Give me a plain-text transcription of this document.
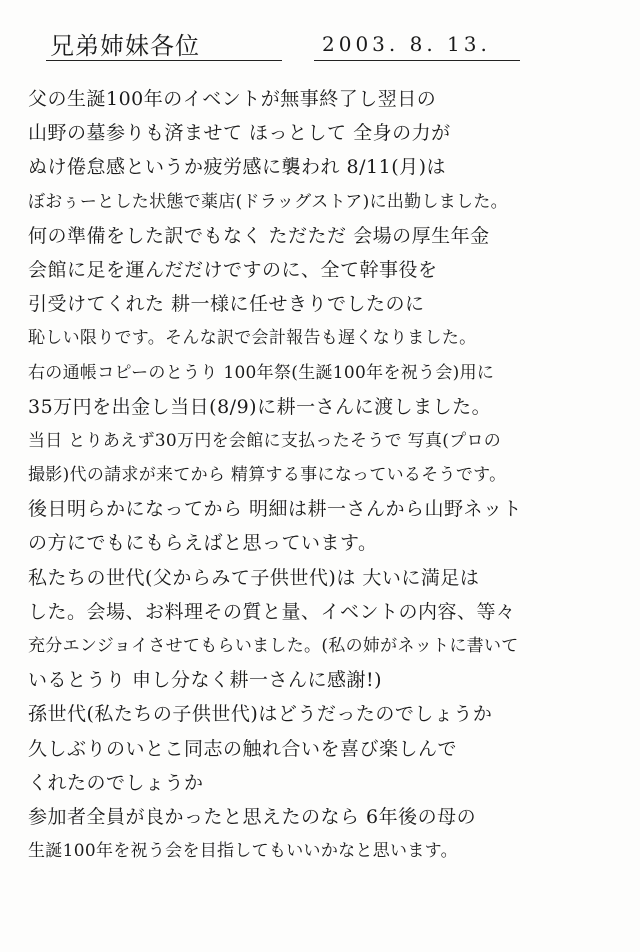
兄弟姉妹各位	2003. 8. 13.
父の生誕100年のイベントが無事終了し翌日の
山野の墓参りも済ませて ほっとして 全身の力が
ぬけ倦怠感というか疲労感に襲われ 8/11(月)は
ぼおぅーとした状態で薬店(ドラッグストア)に出勤しました。
何の準備をした訳でもなく ただただ 会場の厚生年金
会館に足を運んだだけですのに、全て幹事役を
引受けてくれた 耕一様に任せきりでしたのに
恥しい限りです。そんな訳で会計報告も遅くなりました。
右の通帳コピーのとうり 100年祭(生誕100年を祝う会)用に
35万円を出金し当日(8/9)に耕一さんに渡しました。
当日 とりあえず30万円を会館に支払ったそうで 写真(プロの
撮影)代の請求が来てから 精算する事になっているそうです。
後日明らかになってから 明細は耕一さんから山野ネット
の方にでもにもらえばと思っています。
私たちの世代(父からみて子供世代)は 大いに満足は
した。会場、お料理その質と量、イベントの内容、等々
充分エンジョイさせてもらいました。(私の姉がネットに書いて
いるとうり 申し分なく耕一さんに感謝!)
孫世代(私たちの子供世代)はどうだったのでしょうか
久しぶりのいとこ同志の触れ合いを喜び楽しんで
くれたのでしょうか
参加者全員が良かったと思えたのなら 6年後の母の
生誕100年を祝う会を目指してもいいかなと思います。
